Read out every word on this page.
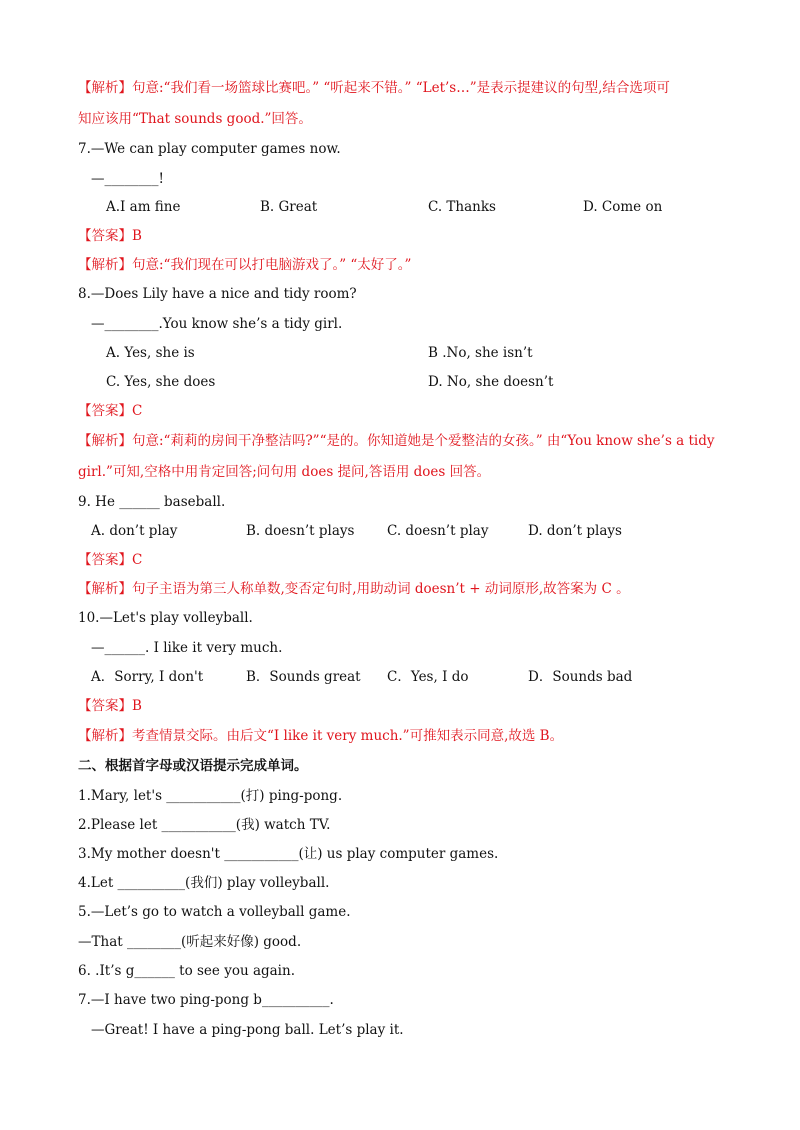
【解析】句意:“我们看一场篮球比赛吧。” “听起来不错。” “Let’s…”是表示提建议的句型,结合选项可
知应该用“That sounds good.”回答。
7.—We can play computer games now.
—________!
A.I am fine	B. Great	C. Thanks	D. Come on
【答案】B
【解析】句意:“我们现在可以打电脑游戏了。” “太好了。”
8.—Does Lily have a nice and tidy room?
—________.You know she’s a tidy girl.
A. Yes, she is	B .No, she isn’t
C. Yes, she does	D. No, she doesn’t
【答案】C
【解析】句意:“莉莉的房间干净整洁吗?”“是的。你知道她是个爱整洁的女孩。” 由“You know she’s a tidy
girl.”可知,空格中用肯定回答;问句用 does 提问,答语用 does 回答。
9. He ______ baseball.
A. don’t play	B. doesn’t plays C. doesn’t play	D. don’t plays
【答案】C
【解析】句子主语为第三人称单数,变否定句时,用助动词 doesn’t + 动词原形,故答案为 C 。
10.—Let's play volleyball.
—______. I like it very much.
A．Sorry, I don't	B．Sounds great C．Yes, I do	D．Sounds bad
【答案】B
【解析】考查情景交际。由后文“I like it very much.”可推知表示同意,故选 B。
二、根据首字母或汉语提示完成单词。
1.Mary, let's ___________(打) ping-pong.
2.Please let ___________(我) watch TV.
3.My mother doesn't ___________(让) us play computer games.
4.Let __________(我们) play volleyball.
5.—Let’s go to watch a volleyball game.
—That ________(听起来好像) good.
6. .It’s g______ to see you again.
7.—I have two ping-pong b__________.
—Great! I have a ping-pong ball. Let’s play it.
